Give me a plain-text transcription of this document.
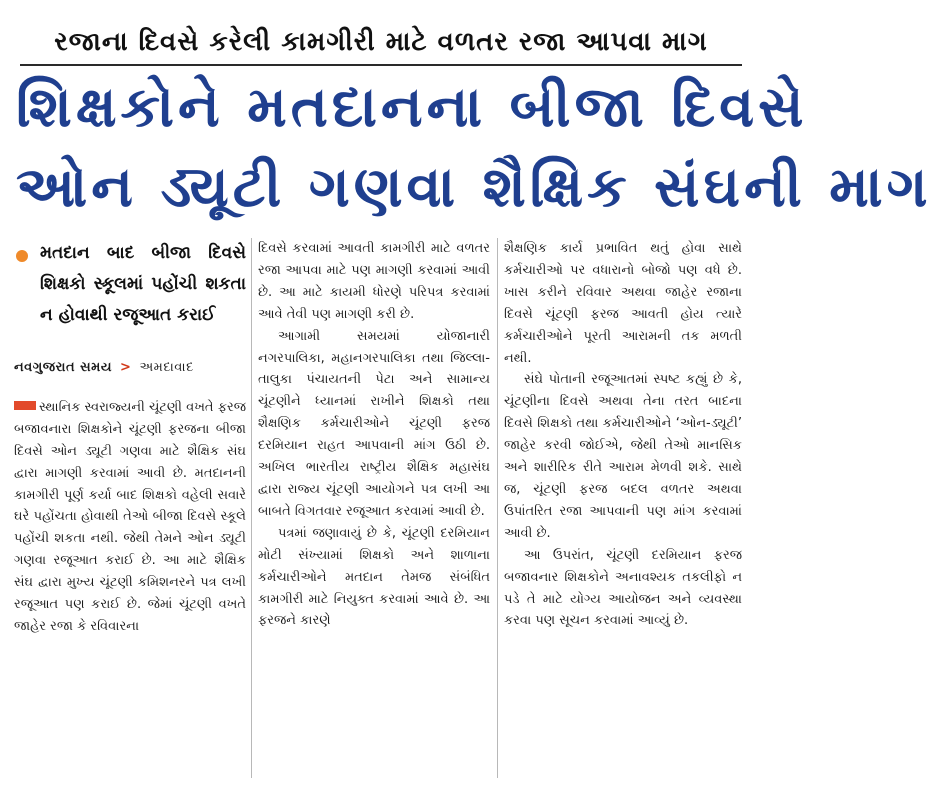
રજાના દિવસે કરેલી કામગીરી માટે વળતર રજા આપવા માગ
શિક્ષકોને મતદાનના બીજા દિવસે
ઓન ડ્યૂટી ગણવા શૈક્ષિક સંઘની માગ
મતદાન બાદ બીજા દિવસે શિક્ષકો સ્કૂલમાં પહોંચી શકતા ન હોવાથી રજૂઆત કરાઈ
નવગુજરાત સમય > અમદાવાદ

સ્થાનિક સ્વરાજ્યની ચૂંટણી વખતે ફરજ બજાવનારા શિક્ષકોને ચૂંટણી ફરજના બીજા દિવસે ઓન ડ્યૂટી ગણવા માટે શૈક્ષિક સંઘ દ્વારા માગણી કરવામાં આવી છે. મતદાનની કામગીરી પૂર્ણ કર્યા બાદ શિક્ષકો વહેલી સવારે ઘરે પહોંચતા હોવાથી તેઓ બીજા દિવસે સ્કૂલે પહોંચી શકતા નથી. જેથી તેમને ઓન ડ્યૂટી ગણવા રજૂઆત કરાઈ છે. આ માટે શૈક્ષિક સંઘ દ્વારા મુખ્ય ચૂંટણી કમિશનરને પત્ર લખી રજૂઆત પણ કરાઈ છે. જેમાં ચૂંટણી વખતે જાહેર રજા કે રવિવારના

દિવસે કરવામાં આવતી કામગીરી માટે વળતર રજા આપવા માટે પણ માગણી કરવામાં આવી છે. આ માટે કાયમી ધોરણે પરિપત્ર કરવામાં આવે તેવી પણ માગણી કરી છે.

આગામી સમયમાં યોજાનારી નગરપાલિકા, મહાનગરપાલિકા તથા જિલ્લા-તાલુકા પંચાયતની પેટા અને સામાન્ય ચૂંટણીને ધ્યાનમાં રાખીને શિક્ષકો તથા શૈક્ષણિક કર્મચારીઓને ચૂંટણી ફરજ દરમિયાન રાહત આપવાની માંગ ઉઠી છે. અખિલ ભારતીય રાષ્ટ્રીય શૈક્ષિક મહાસંઘ દ્વારા રાજ્ય ચૂંટણી આયોગને પત્ર લખી આ બાબતે વિગતવાર રજૂઆત કરવામાં આવી છે.

પત્રમાં જણાવાયું છે કે, ચૂંટણી દરમિયાન મોટી સંખ્યામાં શિક્ષકો અને શાળાના કર્મચારીઓને મતદાન તેમજ સંબંધિત કામગીરી માટે નિયુક્ત કરવામાં આવે છે. આ ફરજને કારણે

શૈક્ષણિક કાર્ય પ્રભાવિત થતું હોવા સાથે કર્મચારીઓ પર વધારાનો બોજો પણ વધે છે. ખાસ કરીને રવિવાર અથવા જાહેર રજાના દિવસે ચૂંટણી ફરજ આવતી હોય ત્યારે કર્મચારીઓને પૂરતી આરામની તક મળતી નથી.

સંઘે પોતાની રજૂઆતમાં સ્પષ્ટ કહ્યું છે કે, ચૂંટણીના દિવસે અથવા તેના તરત બાદના દિવસે શિક્ષકો તથા કર્મચારીઓને ‘ઓન-ડ્યૂટી’ જાહેર કરવી જોઈએ, જેથી તેઓ માનસિક અને શારીરિક રીતે આરામ મેળવી શકે. સાથે જ, ચૂંટણી ફરજ બદલ વળતર અથવા ઉપાંતરિત રજા આપવાની પણ માંગ કરવામાં આવી છે.

આ ઉપરાંત, ચૂંટણી દરમિયાન ફરજ બજાવનાર શિક્ષકોને અનાવશ્યક તકલીફો ન પડે તે માટે યોગ્ય આયોજન અને વ્યવસ્થા કરવા પણ સૂચન કરવામાં આવ્યું છે.
